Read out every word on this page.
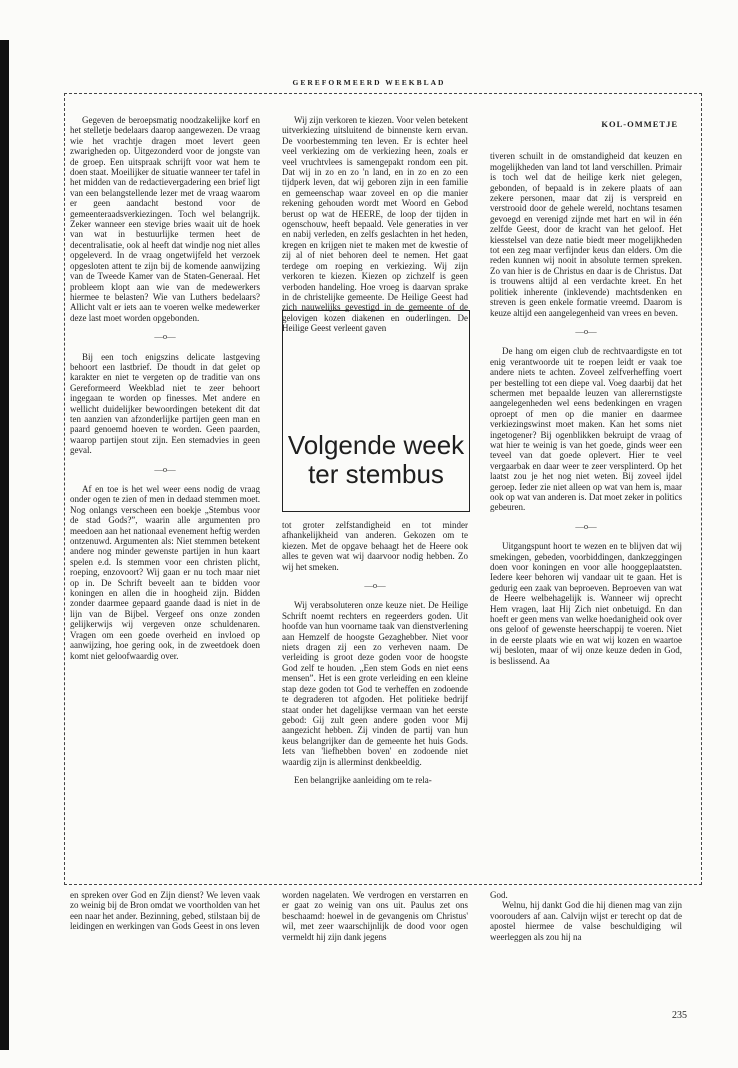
GEREFORMEERD WEEKBLAD

Gegeven de beroepsmatig noodzakelijke korf en het stelletje bedelaars daarop aangewezen. De vraag wie het vrachtje dragen moet levert geen zwarigheden op. Uitgezonderd voor de jongste van de groep. Een uitspraak schrijft voor wat hem te doen staat. Moeilijker de situatie wanneer ter tafel in het midden van de redactievergadering een brief ligt van een belangstellende lezer met de vraag waarom er geen aandacht bestond voor de gemeenteraadsverkiezingen. Toch wel belangrijk. Zeker wanneer een stevige bries waait uit de hoek van wat in bestuurlijke termen heet de decentralisatie, ook al heeft dat windje nog niet alles opgeleverd. In de vraag ongetwijfeld het verzoek opgesloten attent te zijn bij de komende aanwijzing van de Tweede Kamer van de Staten-Generaal. Het probleem klopt aan wie van de medewerkers hiermee te belasten? Wie van Luthers bedelaars? Allicht valt er iets aan te voeren welke medewerker deze last moet worden opgebonden.

—o—

Bij een toch enigszins delicate lastgeving behoort een lastbrief. De thoudt in dat gelet op karakter en niet te vergeten op de traditie van ons Gereformeerd Weekblad niet te zeer behoort ingegaan te worden op finesses. Met andere en wellicht duidelijker bewoordingen betekent dit dat ten aanzien van afzonderlijke partijen geen man en paard genoemd hoeven te worden. Geen paarden, waarop partijen stout zijn. Een stemadvies in geen geval.

—o—

Af en toe is het wel weer eens nodig de vraag onder ogen te zien of men in dedaad stemmen moet. Nog onlangs verscheen een boekje „Stembus voor de stad Gods?”, waarin alle argumenten pro meedoen aan het nationaal evenement heftig werden ontzenuwd. Argumenten als: Niet stemmen betekent andere nog minder gewenste partijen in hun kaart spelen e.d. Is stemmen voor een christen plicht, roeping, enzovoort? Wij gaan er nu toch maar niet op in. De Schrift beveelt aan te bidden voor koningen en allen die in hoogheid zijn. Bidden zonder daarmee gepaard gaande daad is niet in de lijn van de Bijbel. Vergeef ons onze zonden gelijkerwijs wij vergeven onze schuldenaren. Vragen om een goede overheid en invloed op aanwijzing, hoe gering ook, in de zweetdoek doen komt niet geloofwaardig over.

Wij zijn verkoren te kiezen. Voor velen betekent uitverkiezing uitsluitend de binnenste kern ervan. De voorbestemming ten leven. Er is echter heel veel verkiezing om de verkiezing heen, zoals er veel vruchtvlees is samengepakt rondom een pit. Dat wij in zo en zo 'n land, en in zo en zo een tijdperk leven, dat wij geboren zijn in een familie en gemeenschap waar zoveel en op die manier rekening gehouden wordt met Woord en Gebod berust op wat de HEERE, de loop der tijden in ogenschouw, heeft bepaald. Vele generaties in ver en nabij verleden, en zelfs geslachten in het heden, kregen en krijgen niet te maken met de kwestie of zij al of niet behoren deel te nemen. Het gaat terdege om roeping en verkiezing. Wij zijn verkoren te kiezen. Kiezen op zichzelf is geen verboden handeling. Hoe vroeg is daarvan sprake in de christelijke gemeente. De Heilige Geest had zich nauwelijks gevestigd in de gemeente of de gelovigen kozen diakenen en ouderlingen. De Heilige Geest verleent gaven

Volgende week
ter stembus

tot groter zelfstandigheid en tot minder afhankelijkheid van anderen. Gekozen om te kiezen. Met de opgave behaagt het de Heere ook alles te geven wat wij daarvoor nodig hebben. Zo wij het smeken.

—o—

Wij verabsoluteren onze keuze niet. De Heilige Schrift noemt rechters en regeerders goden. Uit hoofde van hun voorname taak van dienstverlening aan Hemzelf de hoogste Gezaghebber. Niet voor niets dragen zij een zo verheven naam. De verleiding is groot deze goden voor de hoogste God zelf te houden. „Een stem Gods en niet eens mensen”. Het is een grote verleiding en een kleine stap deze goden tot God te verheffen en zodoende te degraderen tot afgoden. Het politieke bedrijf staat onder het dagelijkse vermaan van het eerste gebod: Gij zult geen andere goden voor Mij aangezicht hebben. Zij vinden de partij van hun keus belangrijker dan de gemeente het huis Gods. Iets van 'liefhebben boven' en zodoende niet waardig zijn is allerminst denkbeeldig.

Een belangrijke aanleiding om te rela-

KOL-OMMETJE

tiveren schuilt in de omstandigheid dat keuzen en mogelijkheden van land tot land verschillen. Primair is toch wel dat de heilige kerk niet gelegen, gebonden, of bepaald is in zekere plaats of aan zekere personen, maar dat zij is verspreid en verstrooid door de gehele wereld, nochtans tesamen gevoegd en verenigd zijnde met hart en wil in één zelfde Geest, door de kracht van het geloof. Het kiesstelsel van deze natie biedt meer mogelijkheden tot een zeg maar verfijnder keus dan elders. Om die reden kunnen wij nooit in absolute termen spreken. Zo van hier is de Christus en daar is de Christus. Dat is trouwens altijd al een verdachte kreet. En het politiek inherente (inklevende) machtsdenken en streven is geen enkele formatie vreemd. Daarom is keuze altijd een aangelegenheid van vrees en beven.

—o—

De hang om eigen club de rechtvaardigste en tot enig verantwoorde uit te roepen leidt er vaak toe andere niets te achten. Zoveel zelfverheffing voert per bestelling tot een diepe val. Voeg daarbij dat het schermen met bepaalde leuzen van allerernstigste aangelegenheden wel eens bedenkingen en vragen oproept of men op die manier en daarmee verkiezingswinst moet maken. Kan het soms niet ingetogener? Bij ogenblikken bekruipt de vraag of wat hier te weinig is van het goede, ginds weer een teveel van dat goede oplevert. Hier te veel vergaarbak en daar weer te zeer versplinterd. Op het laatst zou je het nog niet weten. Bij zoveel ijdel geroep. Ieder zie niet alleen op wat van hem is, maar ook op wat van anderen is. Dat moet zeker in politics gebeuren.

—o—

Uitgangspunt hoort te wezen en te blijven dat wij smekingen, gebeden, voorbiddingen, dankzeggingen doen voor koningen en voor alle hooggeplaatsten. Iedere keer behoren wij vandaar uit te gaan. Het is gedurig een zaak van beproeven. Beproeven van wat de Heere welbehagelijk is. Wanneer wij oprecht Hem vragen, laat Hij Zich niet onbetuigd. En dan hoeft er geen mens van welke hoedanigheid ook over ons geloof of gewenste heerschappij te voeren. Niet in de eerste plaats wie en wat wij kozen en waartoe wij besloten, maar of wij onze keuze deden in God, is beslissend. Aa

en spreken over God en Zijn dienst? We leven vaak zo weinig bij de Bron omdat we voortholden van het een naar het ander. Bezinning, gebed, stilstaan bij de leidingen en werkingen van Gods Geest in ons leven

worden nagelaten. We verdrogen en verstarren en er gaat zo weinig van ons uit. Paulus zet ons beschaamd: hoewel in de gevangenis om Christus' wil, met zeer waarschijnlijk de dood voor ogen vermeldt hij zijn dank jegens

God.

Welnu, hij dankt God die hij dienen mag van zijn voorouders af aan. Calvijn wijst er terecht op dat de apostel hiermee de valse beschuldiging wil weerleggen als zou hij na

235
